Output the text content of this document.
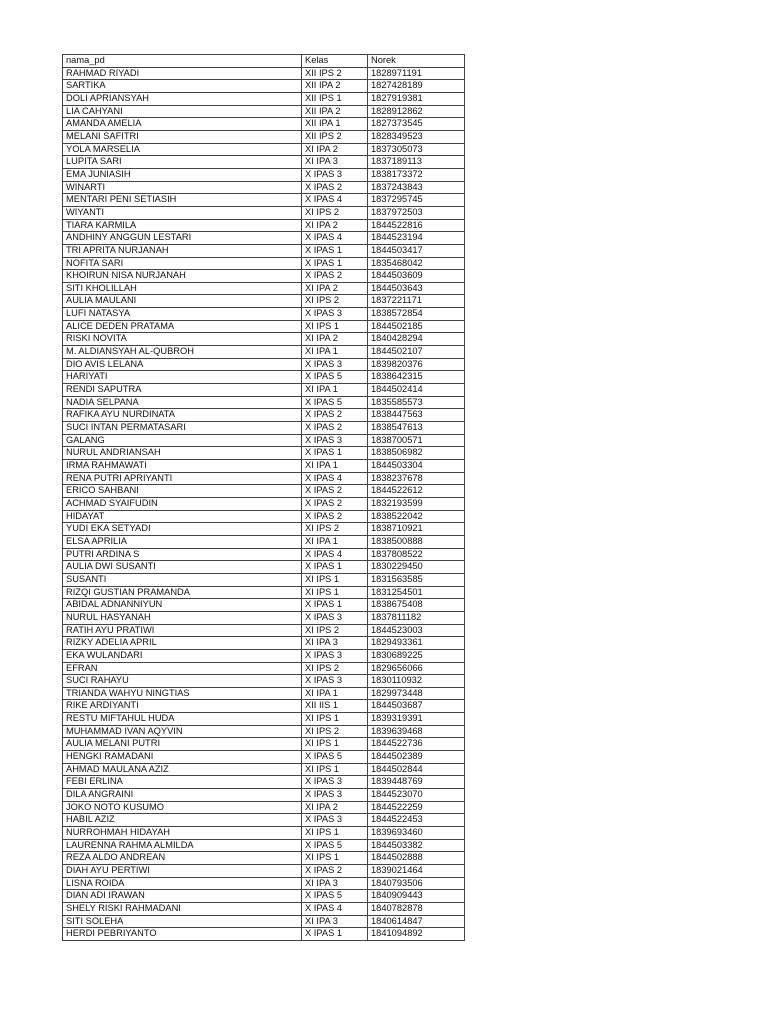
nama_pd	Kelas	Norek
RAHMAD RIYADI	XII IPS 2	1828971191
SARTIKA	XII IPA 2	1827428189
DOLI APRIANSYAH	XII IPS 1	1827919381
LIA CAHYANI	XII IPA 2	1828912862
AMANDA AMELIA	XII IPA 1	1827373545
MELANI SAFITRI	XII IPS 2	1828349523
YOLA MARSELIA	XI IPA 2	1837305073
LUPITA SARI	XI IPA 3	1837189113
EMA JUNIASIH	X IPAS 3	1838173372
WINARTI	X IPAS 2	1837243843
MENTARI PENI SETIASIH	X IPAS 4	1837295745
WIYANTI	XI IPS 2	1837972503
TIARA KARMILA	XI IPA 2	1844522816
ANDHINY ANGGUN LESTARI	X IPAS 4	1844523194
TRI APRITA NURJANAH	X IPAS 1	1844503417
NOFITA SARI	X IPAS 1	1835468042
KHOIRUN NISA NURJANAH	X IPAS 2	1844503609
SITI KHOLILLAH	XI IPA 2	1844503643
AULIA MAULANI	XI IPS 2	1837221171
LUFI NATASYA	X IPAS 3	1838572854
ALICE DEDEN PRATAMA	XI IPS 1	1844502185
RISKI NOVITA	XI IPA 2	1840428294
M. ALDIANSYAH AL-QUBROH	XI IPA 1	1844502107
DIO AVIS LELANA	X IPAS 3	1839820376
HARIYATI	X IPAS 5	1838642315
RENDI SAPUTRA	XI IPA 1	1844502414
NADIA SELPANA	X IPAS 5	1835585573
RAFIKA AYU NURDINATA	X IPAS 2	1838447563
SUCI INTAN PERMATASARI	X IPAS 2	1838547613
GALANG	X IPAS 3	1838700571
NURUL ANDRIANSAH	X IPAS 1	1838506982
IRMA RAHMAWATI	XI IPA 1	1844503304
RENA PUTRI APRIYANTI	X IPAS 4	1838237678
ERICO SAHBANI	X IPAS 2	1844522612
ACHMAD SYAIFUDIN	X IPAS 2	1832193599
HIDAYAT	X IPAS 2	1838522042
YUDI EKA SETYADI	XI IPS 2	1838710921
ELSA APRILIA	XI IPA 1	1838500888
PUTRI ARDINA S	X IPAS 4	1837808522
AULIA DWI SUSANTI	X IPAS 1	1830229450
SUSANTI	XI IPS 1	1831563585
RIZQI GUSTIAN PRAMANDA	XI IPS 1	1831254501
ABIDAL ADNANNIYUN	X IPAS 1	1838675408
NURUL HASYANAH	X IPAS 3	1837811182
RATIH AYU PRATIWI	XI IPS 2	1844523003
RIZKY ADELIA APRIL	XI IPA 3	1829493361
EKA WULANDARI	X IPAS 3	1830689225
EFRAN	XI IPS 2	1829656066
SUCI RAHAYU	X IPAS 3	1830110932
TRIANDA WAHYU NINGTIAS	XI IPA 1	1829973448
RIKE ARDIYANTI	XII IIS 1	1844503687
RESTU MIFTAHUL HUDA	XI IPS 1	1839319391
MUHAMMAD IVAN AQYVIN	XI IPS 2	1839639468
AULIA MELANI PUTRI	XI IPS 1	1844522736
HENGKI RAMADANI	X IPAS 5	1844502389
AHMAD MAULANA AZIZ	XI IPS 1	1844502844
FEBI ERLINA	X IPAS 3	1839448769
DILA ANGRAINI	X IPAS 3	1844523070
JOKO NOTO KUSUMO	XI IPA 2	1844522259
HABIL AZIZ	X IPAS 3	1844522453
NURROHMAH HIDAYAH	XI IPS 1	1839693460
LAURENNA RAHMA ALMILDA	X IPAS 5	1844503382
REZA ALDO ANDREAN	XI IPS 1	1844502888
DIAH AYU PERTIWI	X IPAS 2	1839021464
LISNA ROIDA	XI IPA 3	1840793506
DIAN ADI IRAWAN	X IPAS 5	1840909443
SHELY RISKI RAHMADANI	X IPAS 4	1840782878
SITI SOLEHA	XI IPA 3	1840614847
HERDI PEBRIYANTO	X IPAS 1	1841094892
